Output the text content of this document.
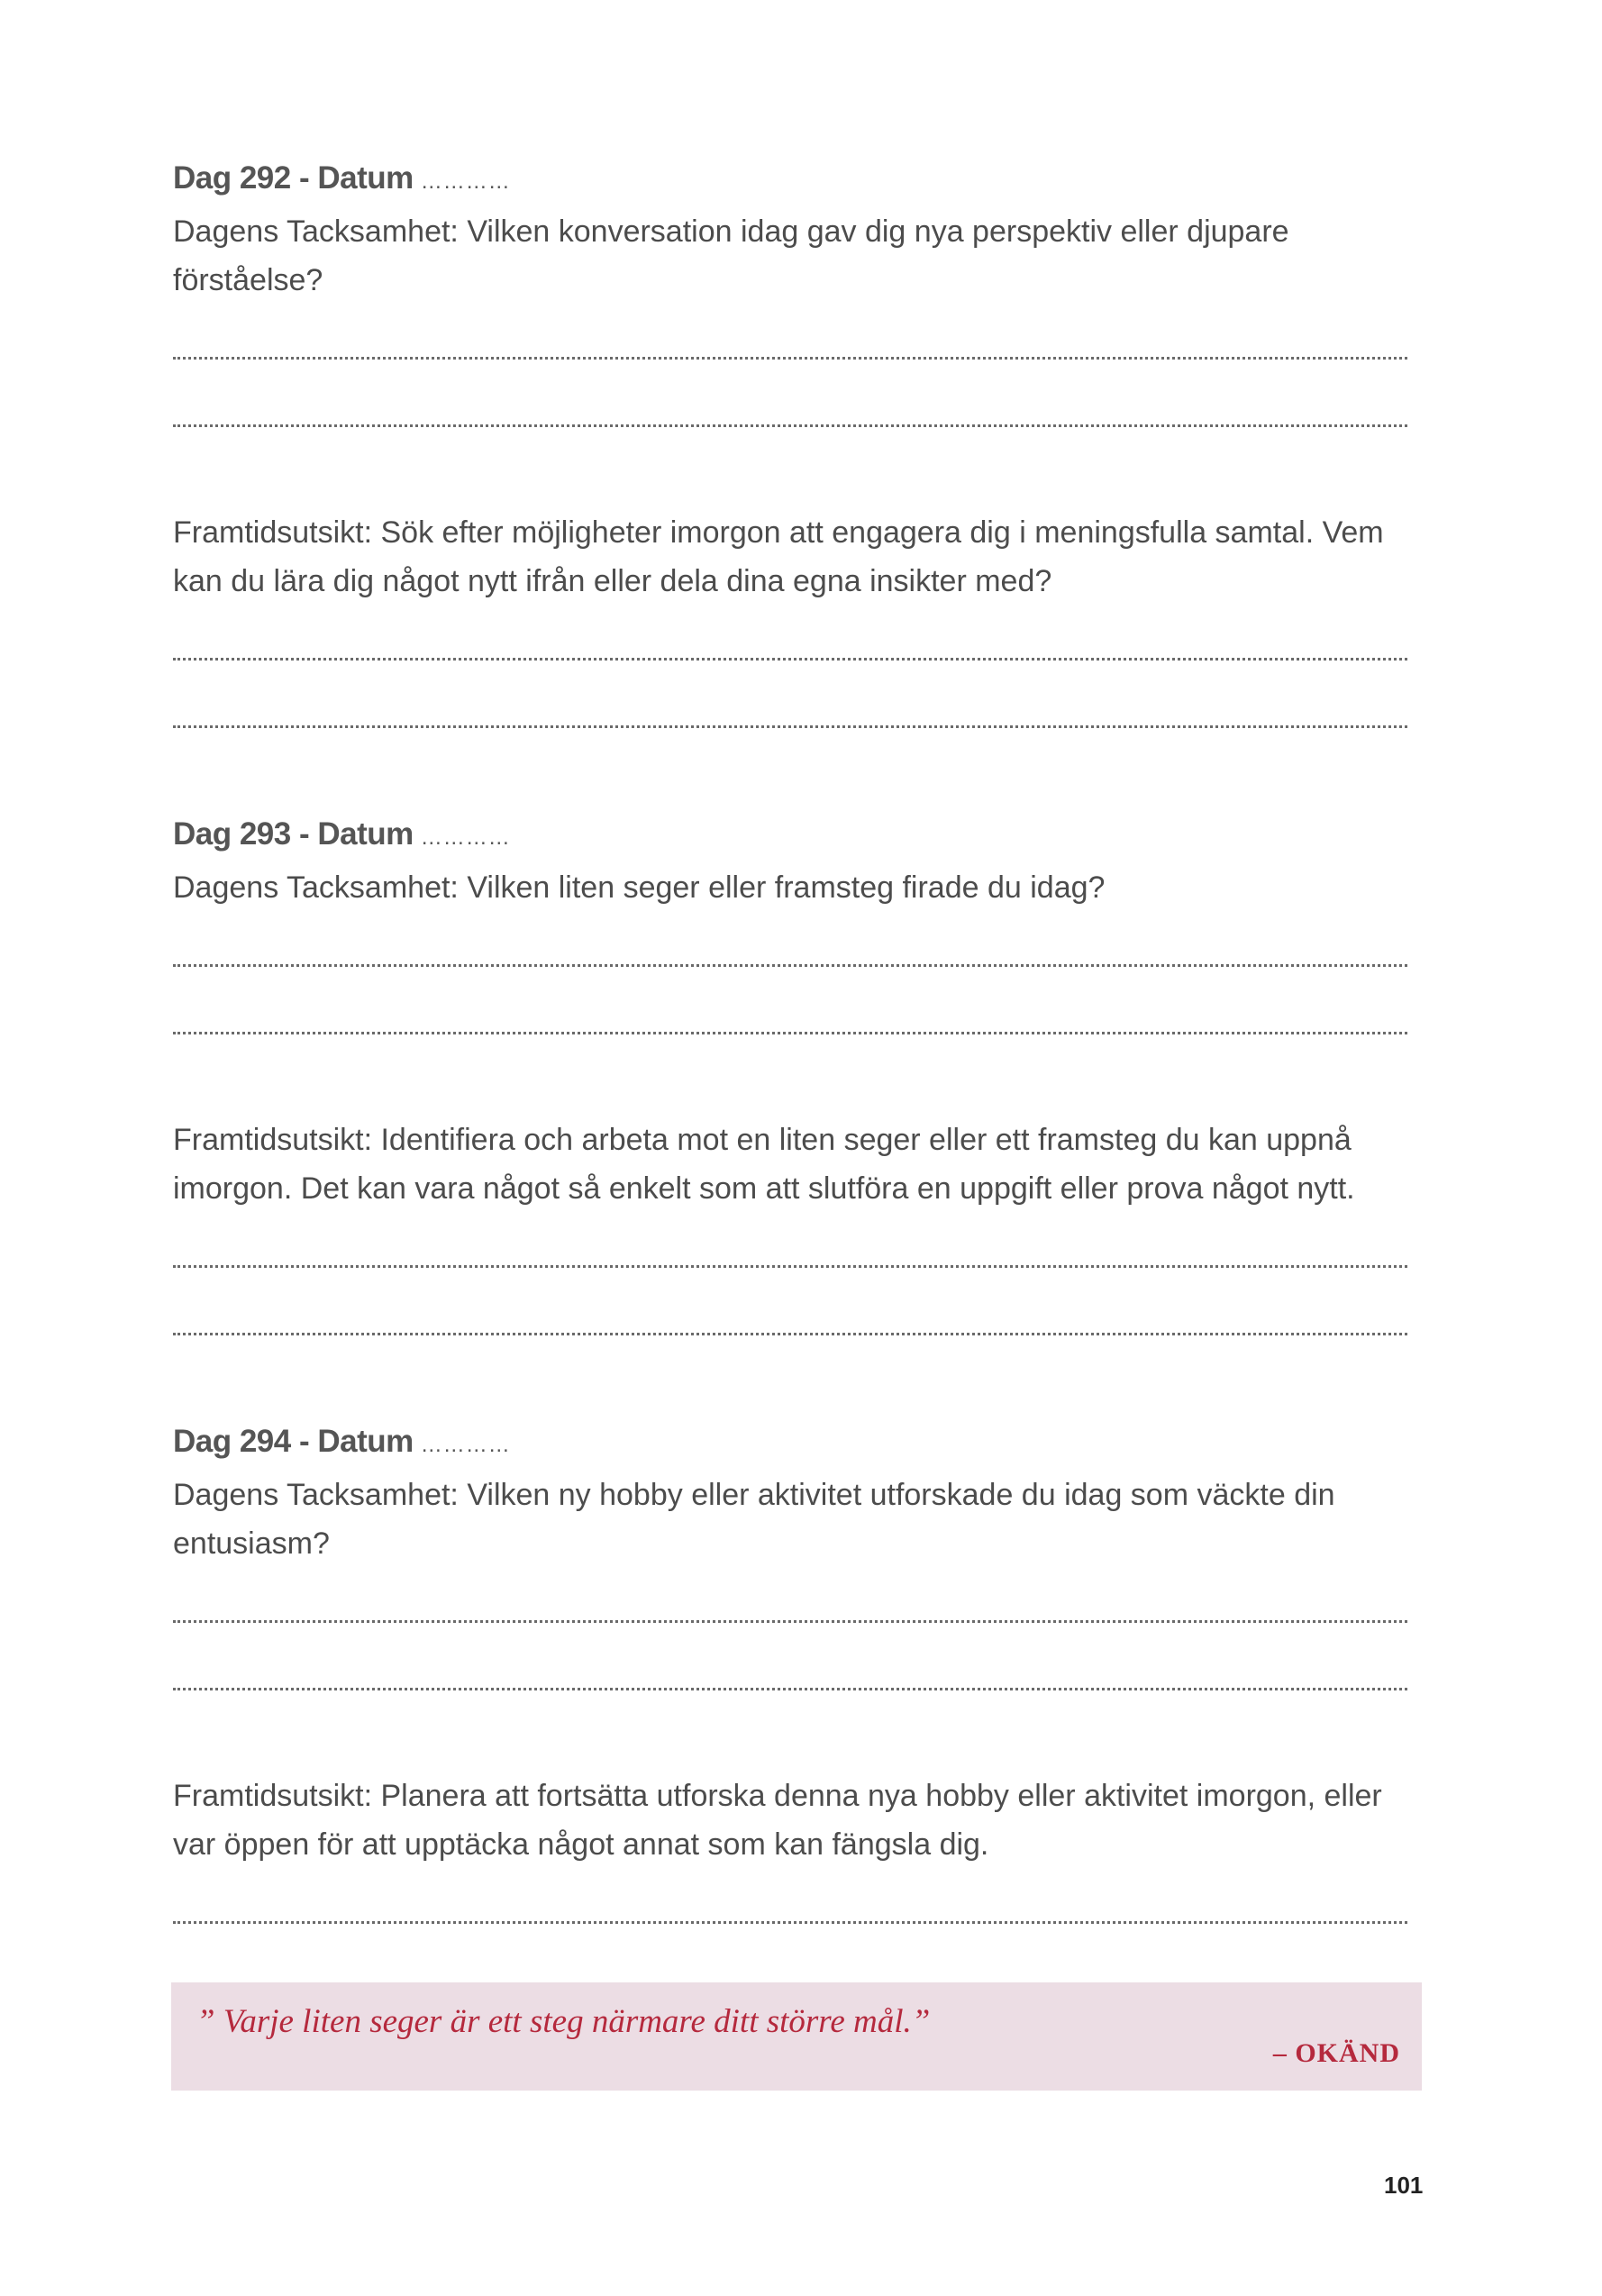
Dag 292 - Datum …………
Dagens Tacksamhet: Vilken konversation idag gav dig nya perspektiv eller djupare förståelse?
Framtidsutsikt: Sök efter möjligheter imorgon att engagera dig i meningsfulla samtal. Vem kan du lära dig något nytt ifrån eller dela dina egna insikter med?
Dag 293 - Datum …………
Dagens Tacksamhet: Vilken liten seger eller framsteg firade du idag?
Framtidsutsikt: Identifiera och arbeta mot en liten seger eller ett framsteg du kan uppnå imorgon. Det kan vara något så enkelt som att slutföra en uppgift eller prova något nytt.
Dag 294 - Datum …………
Dagens Tacksamhet: Vilken ny hobby eller aktivitet utforskade du idag som väckte din entusiasm?
Framtidsutsikt: Planera att fortsätta utforska denna nya hobby eller aktivitet imorgon, eller var öppen för att upptäcka något annat som kan fängsla dig.
” Varje liten seger är ett steg närmare ditt större mål.”
– OKÄND
101
